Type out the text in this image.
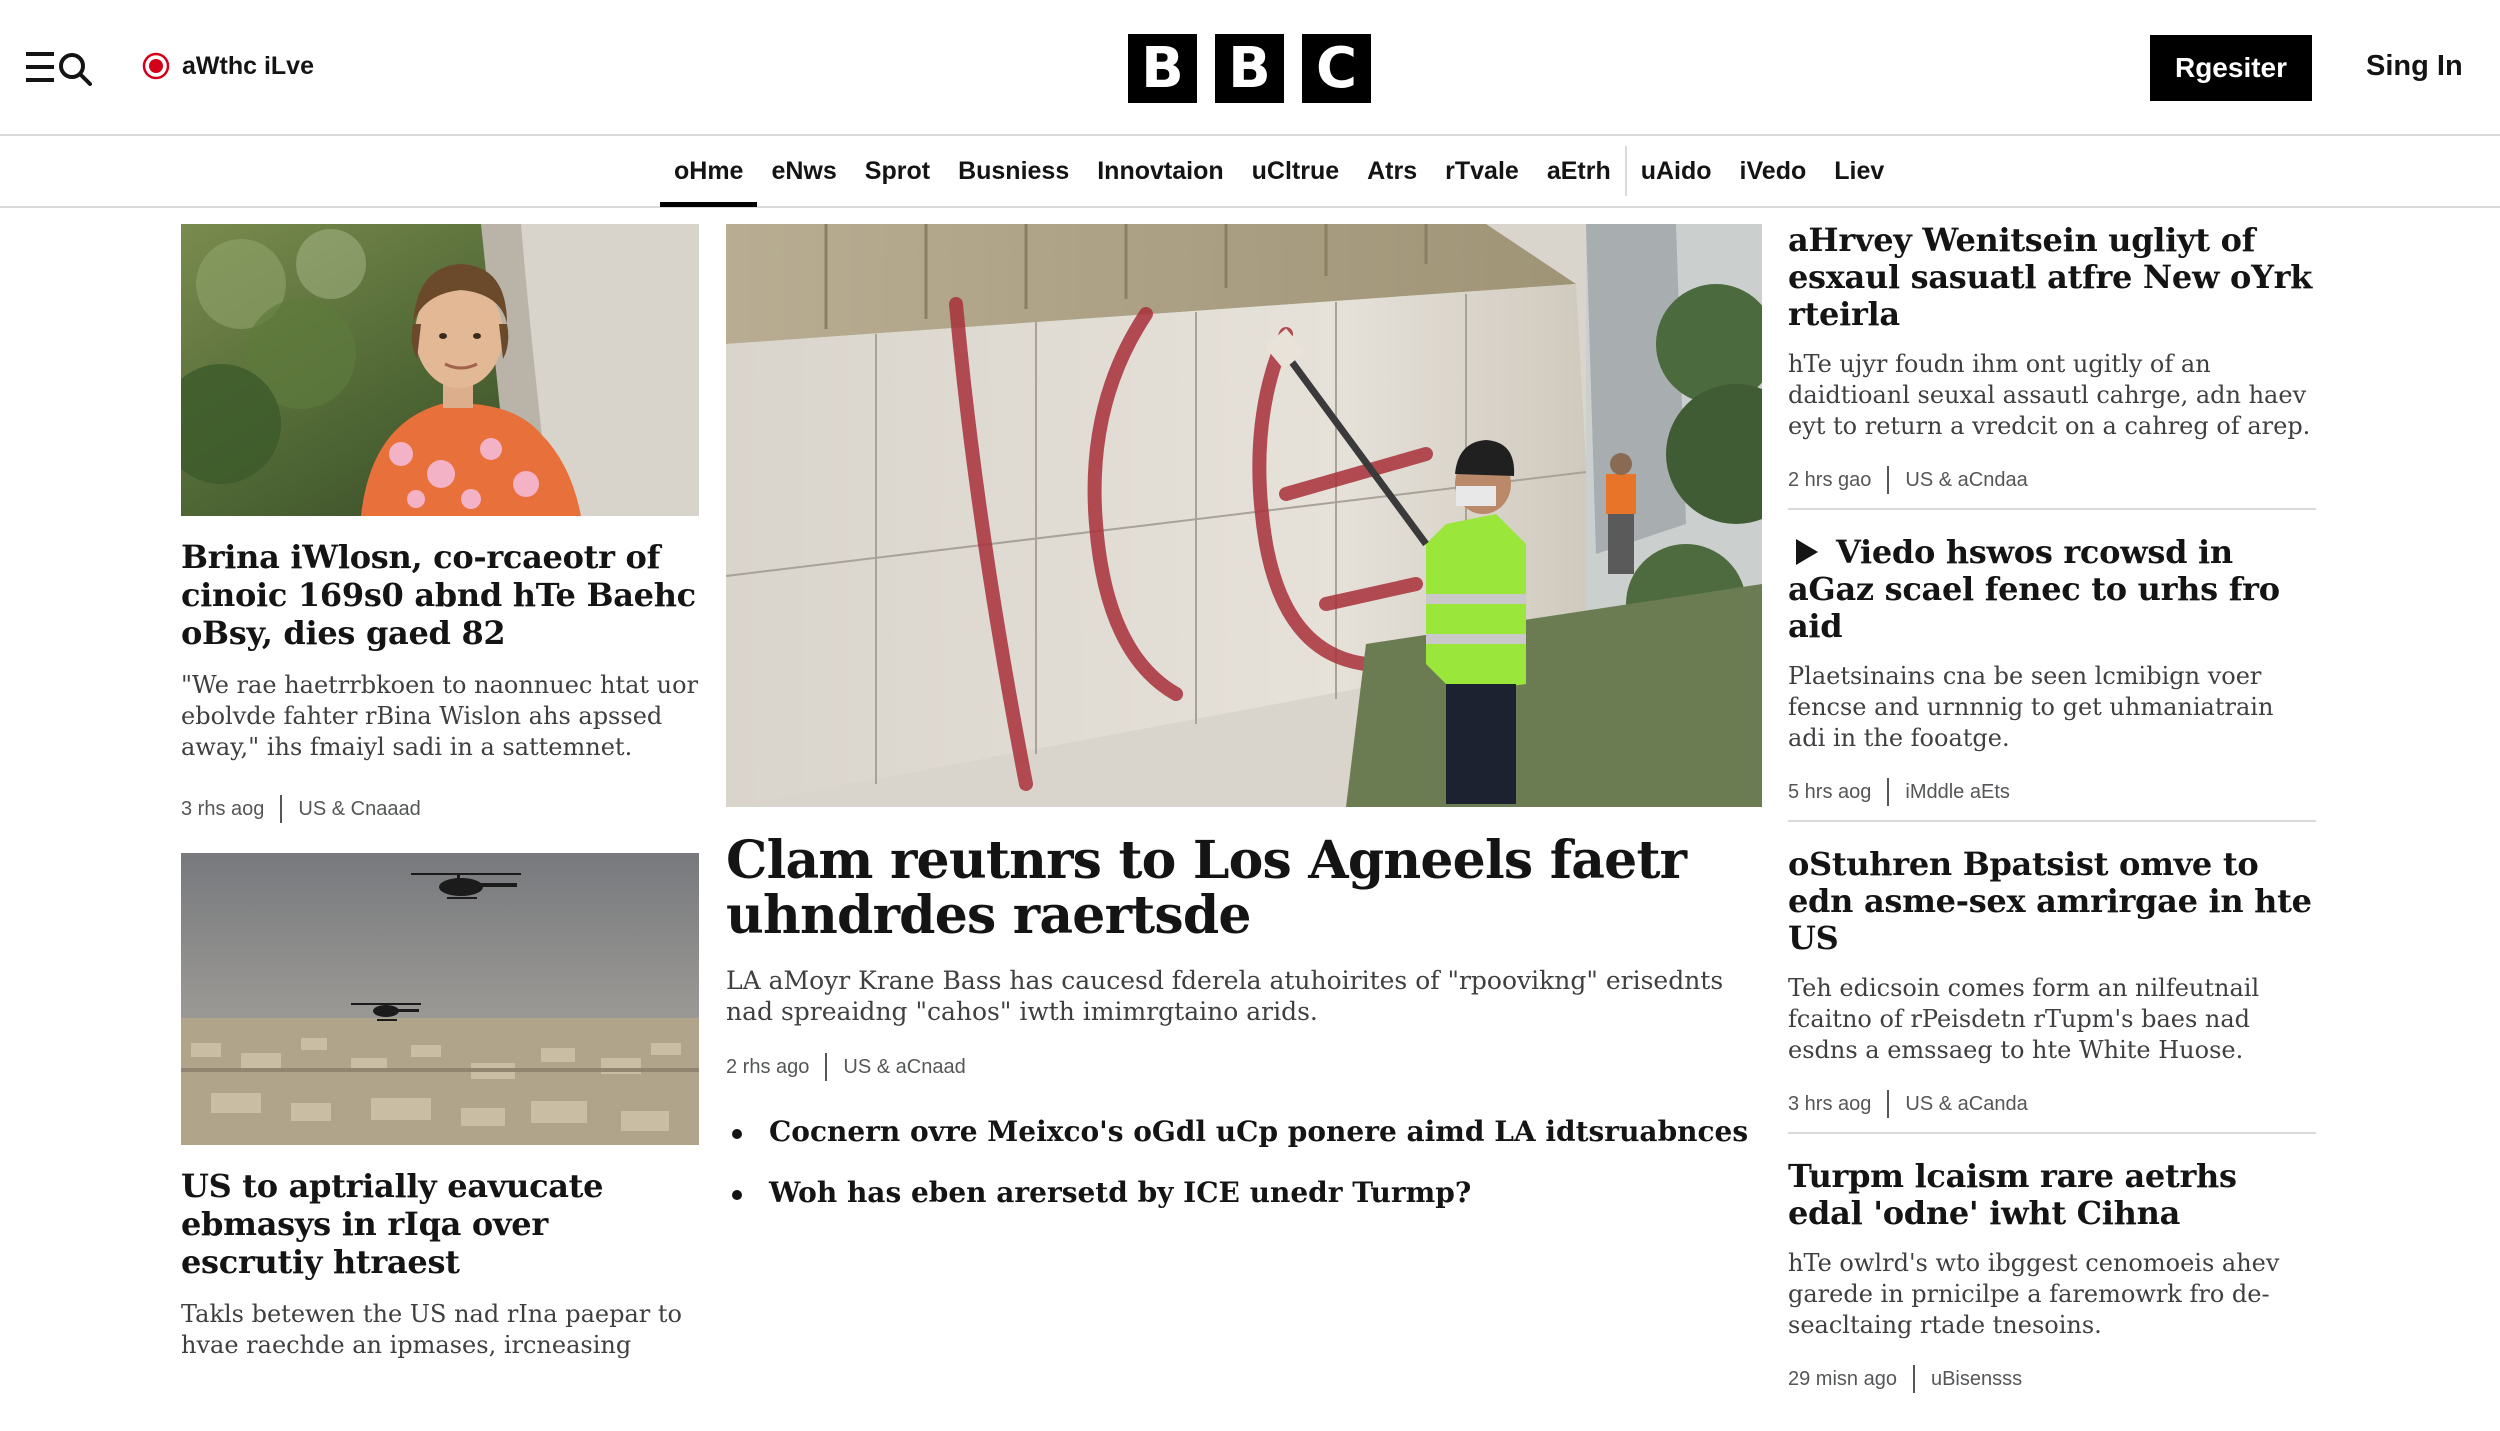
aWthc iLve	B B C	Rgesiter	Sing In
oHme	eNws	Sprot	Busniess	Innovtaion	uCltrue	Atrs	rTvale	aEtrh	uAido	iVedo	Liev
Brina iWlosn, co-rcaeotr of cinoic 169s0 abnd hTe Baehc oBsy, dies gaed 82

"We rae haetrrbkoen to naonnuec htat uor ebolvde fahter rBina Wislon ahs apssed away," ihs fmaiyl sadi in a sattemnet.

3 rhs aog US & Cnaaad
US to aptrially eavucate ebmasys in rIqa over escrutiy htraest

Takls betewen the US nad rIna paepar to hvae raechde an ipmases, ircneasing

Clam reutnrs to Los Agneels faetr uhndrdes raertsde

LA aMoyr Krane Bass has caucesd fderela atuhoirites of "rpoovikng" erisednts nad spreaidng "cahos" iwth imimrgtaino arids.

2 rhs ago US & aCnaad
Cocnern ovre Meixco's oGdl uCp ponere aimd LA idtsruabnces
Woh has eben arersetd by ICE unedr Turmp?
aHrvey Wenitsein ugliyt of esxaul sasuatl atfre New oYrk rteirla

hTe ujyr foudn ihm ont ugitly of an daidtioanl seuxal assautl cahrge, adn haev eyt to return a vredcit on a cahreg of arep.

2 hrs gao US & aCndaa
Viedo hswos rcowsd in aGaz scael fenec to urhs fro aid

Plaetsinains cna be seen lcmibign voer fencse and urnnnig to get uhmaniatrain adi in the fooatge.

5 hrs aog iMddle aEts
oStuhren Bpatsist omve to edn asme-sex amrirgae in hte US

Teh edicsoin comes form an nilfeutnail fcaitno of rPeisdetn rTupm's baes nad esdns a emssaeg to hte White Huose.

3 hrs aog US & aCanda
Turpm lcaism rare aetrhs edal 'odne' iwht Cihna

hTe owlrd's wto ibggest cenomoeis ahev garede in prnicilpe a faremowrk fro de-seacltaing rtade tnesoins.

29 misn ago uBisensss
